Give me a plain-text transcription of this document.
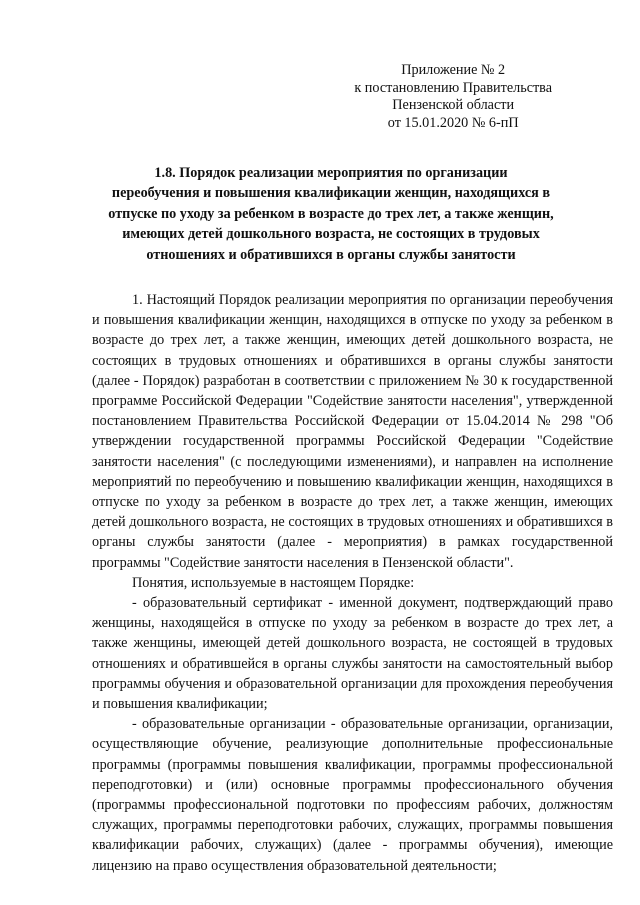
Приложение № 2
к постановлению Правительства
Пензенской области
от 15.01.2020 № 6-пП
1.8. Порядок реализации мероприятия по организации
переобучения и повышения квалификации женщин, находящихся в
отпуске по уходу за ребенком в возрасте до трех лет, а также женщин,
имеющих детей дошкольного возраста, не состоящих в трудовых
отношениях и обратившихся в органы службы занятости

1. Настоящий Порядок реализации мероприятия по организации переобучения и повышения квалификации женщин, находящихся в отпуске по уходу за ребенком в возрасте до трех лет, а также женщин, имеющих детей дошкольного возраста, не состоящих в трудовых отношениях и обратившихся в органы службы занятости (далее - Порядок) разработан в соответствии с приложением № 30 к государственной программе Российской Федерации "Содействие занятости населения", утвержденной постановлением Правительства Российской Федерации от 15.04.2014 № 298 "Об утверждении государственной программы Российской Федерации "Содействие занятости населения" (с последующими изменениями), и направлен на исполнение мероприятий по переобучению и повышению квалификации женщин, находящихся в отпуске по уходу за ребенком в возрасте до трех лет, а также женщин, имеющих детей дошкольного возраста, не состоящих в трудовых отношениях и обратившихся в органы службы занятости (далее - мероприятия) в рамках государственной программы "Содействие занятости населения в Пензенской области".

Понятия, используемые в настоящем Порядке:

- образовательный сертификат - именной документ, подтверждающий право женщины, находящейся в отпуске по уходу за ребенком в возрасте до трех лет, а также женщины, имеющей детей дошкольного возраста, не состоящей в трудовых отношениях и обратившейся в органы службы занятости на самостоятельный выбор программы обучения и образовательной организации для прохождения переобучения и повышения квалификации;

- образовательные организации - образовательные организации, организации, осуществляющие обучение, реализующие дополнительные профессиональные программы (программы повышения квалификации, программы профессиональной переподготовки) и (или) основные программы профессионального обучения (программы профессиональной подготовки по профессиям рабочих, должностям служащих, программы переподготовки рабочих, служащих, программы повышения квалификации рабочих, служащих) (далее - программы обучения), имеющие лицензию на право осуществления образовательной деятельности;
